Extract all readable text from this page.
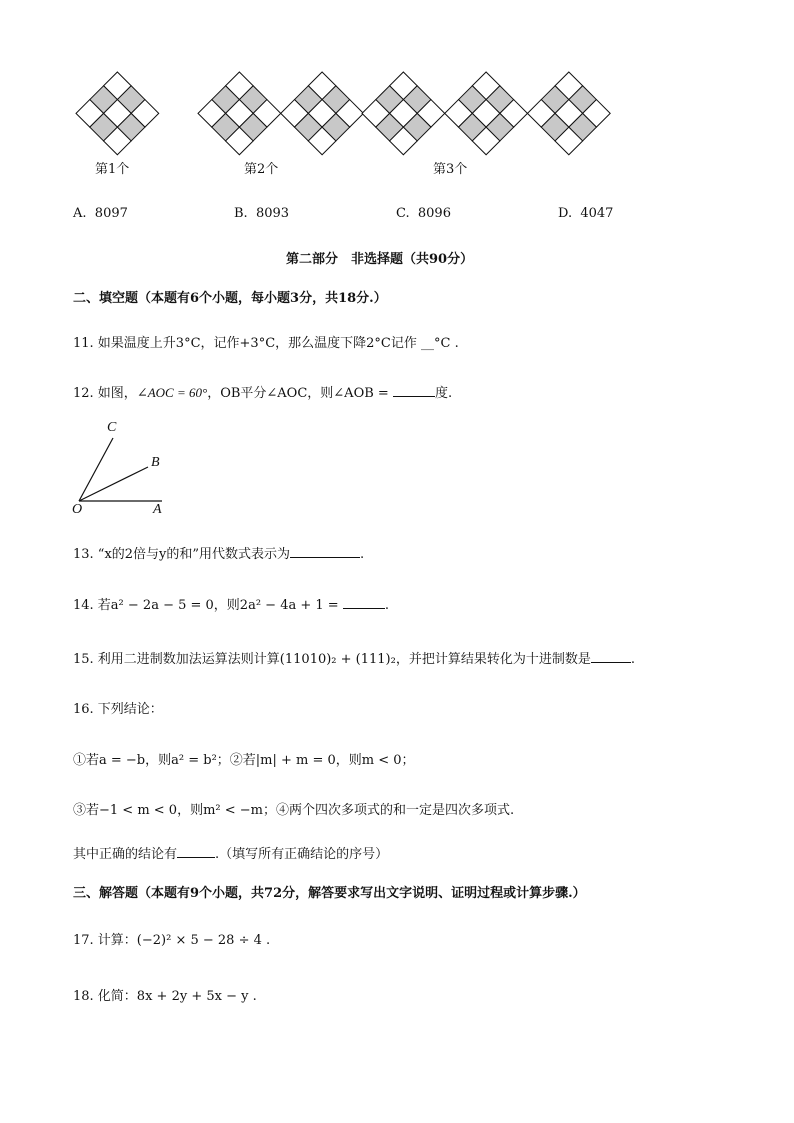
第1个	第2个	第3个
A. 8097	B. 8093	C. 8096	D. 4047
第二部分　非选择题（共90分）
二、填空题（本题有6个小题，每小题3分，共18分.）
11. 如果温度上升3°C，记作+3°C，那么温度下降2°C记作 __°C .
12. 如图，∠AOC = 60°，OB平分∠AOC，则∠AOB =	度.
C
B
O	A
13. “x的2倍与y的和”用代数式表示为	.
14. 若a² − 2a − 5 = 0，则2a² − 4a + 1 =	.
15. 利用二进制数加法运算法则计算(11010)₂ + (111)₂，并把计算结果转化为十进制数是	.
16. 下列结论：
①若a = −b，则a² = b²；②若|m| + m = 0，则m < 0；
③若−1 < m < 0，则m² < −m；④两个四次多项式的和一定是四次多项式.
其中正确的结论有	.（填写所有正确结论的序号）
三、解答题（本题有9个小题，共72分，解答要求写出文字说明、证明过程或计算步骤.）
17. 计算：(−2)² × 5 − 28 ÷ 4 .
18. 化简：8x + 2y + 5x − y .
